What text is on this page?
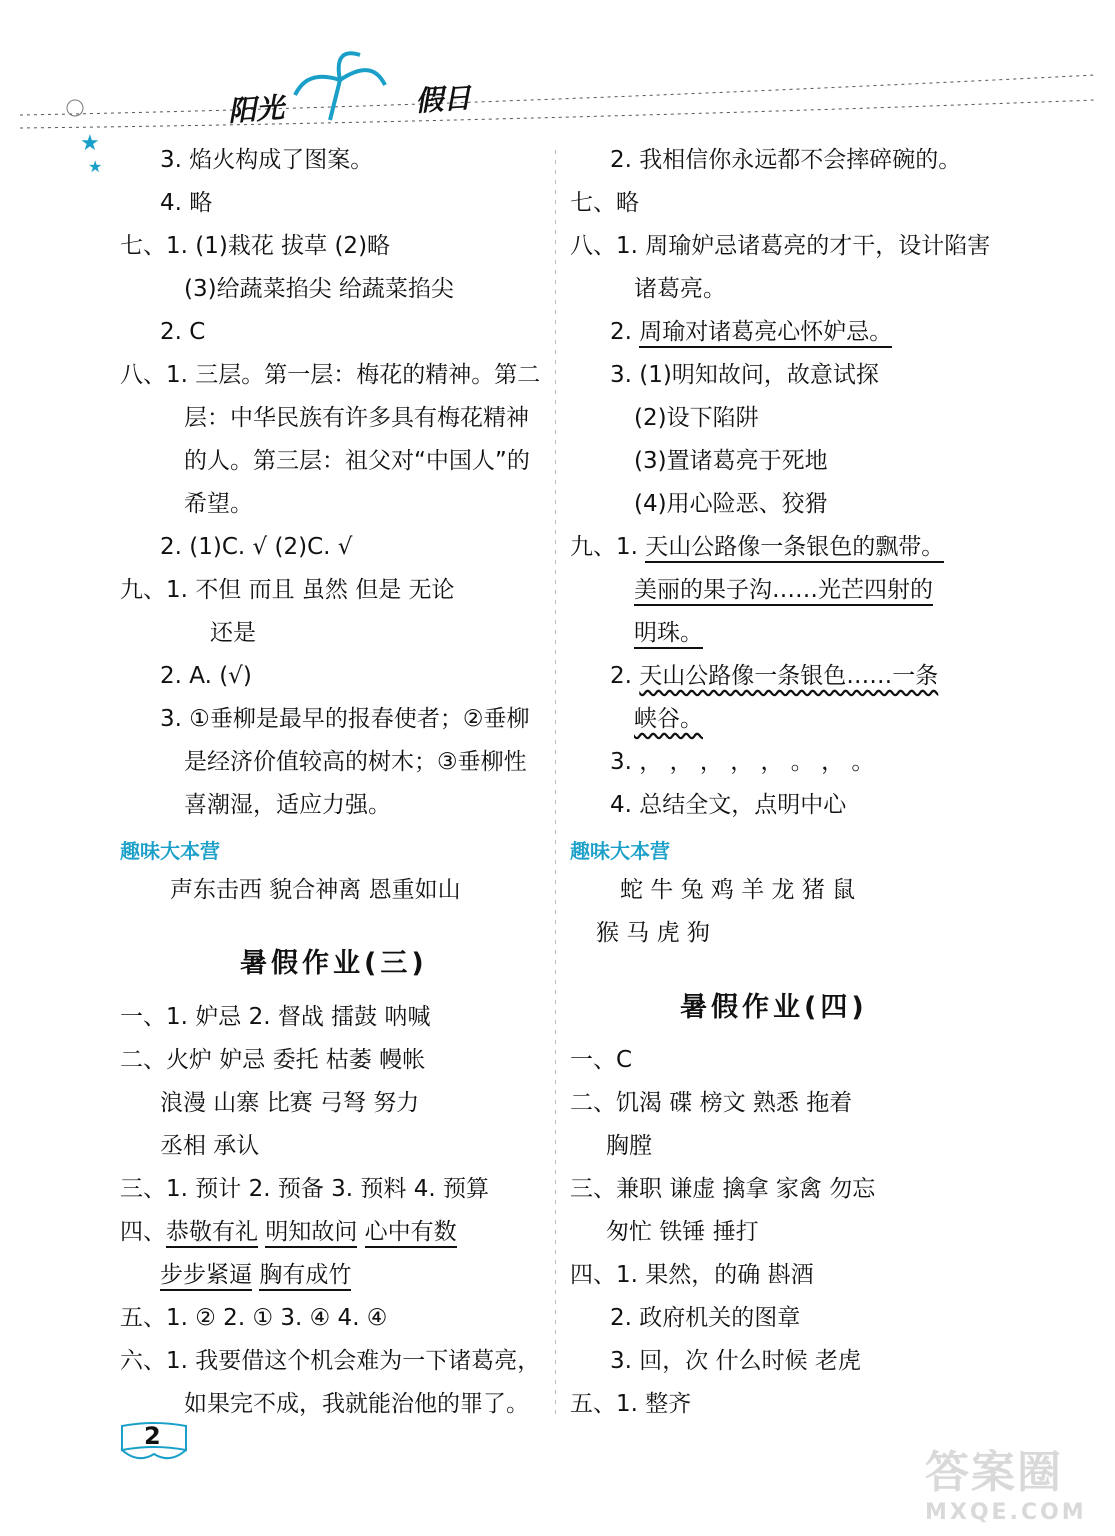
★
★
阳光	假日
3. 焰火构成了图案。
4. 略
七、1. (1)栽花 拔草 (2)略
(3)给蔬菜掐尖 给蔬菜掐尖
2. C
八、1. 三层。第一层：梅花的精神。第二
层：中华民族有许多具有梅花精神
的人。第三层：祖父对“中国人”的
希望。
2. (1)C. √ (2)C. √
九、1. 不但 而且 虽然 但是 无论
还是
2. A. (√)
3. ①垂柳是最早的报春使者；②垂柳
是经济价值较高的树木；③垂柳性
喜潮湿，适应力强。
声东击西 貌合神离 恩重如山
一、1. 妒忌 2. 督战 擂鼓 呐喊
二、火炉 妒忌 委托 枯萎 幔帐
浪漫 山寨 比赛 弓弩 努力
丞相 承认
三、1. 预计 2. 预备 3. 预料 4. 预算
五、1. ② 2. ① 3. ④ 4. ④
六、1. 我要借这个机会难为一下诸葛亮，
如果完不成，我就能治他的罪了。
趣味大本营
暑假作业(三)
四、恭敬有礼 明知故问 心中有数
步步紧逼 胸有成竹
2. 我相信你永远都不会摔碎碗的。
七、略
八、1. 周瑜妒忌诸葛亮的才干，设计陷害
诸葛亮。
3. (1)明知故问，故意试探
(2)设下陷阱
(3)置诸葛亮于死地
(4)用心险恶、狡猾
3. ， ， ， ， ， 。 ， 。
4. 总结全文，点明中心
蛇 牛 兔 鸡 羊 龙 猪 鼠
猴 马 虎 狗
一、C
二、饥渴 碟 榜文 熟悉 拖着
胸膛
三、兼职 谦虚 擒拿 家禽 勿忘
匆忙 铁锤 捶打
四、1. 果然，的确 斟酒
2. 政府机关的图章
3. 回，次 什么时候 老虎
五、1. 整齐
趣味大本营
暑假作业(四)
2. 周瑜对诸葛亮心怀妒忌。
九、1. 天山公路像一条银色的飘带。
美丽的果子沟……光芒四射的
明珠。
2. 天山公路像一条银色……一条
峡谷。
2
答案圈
MXQE.COM
